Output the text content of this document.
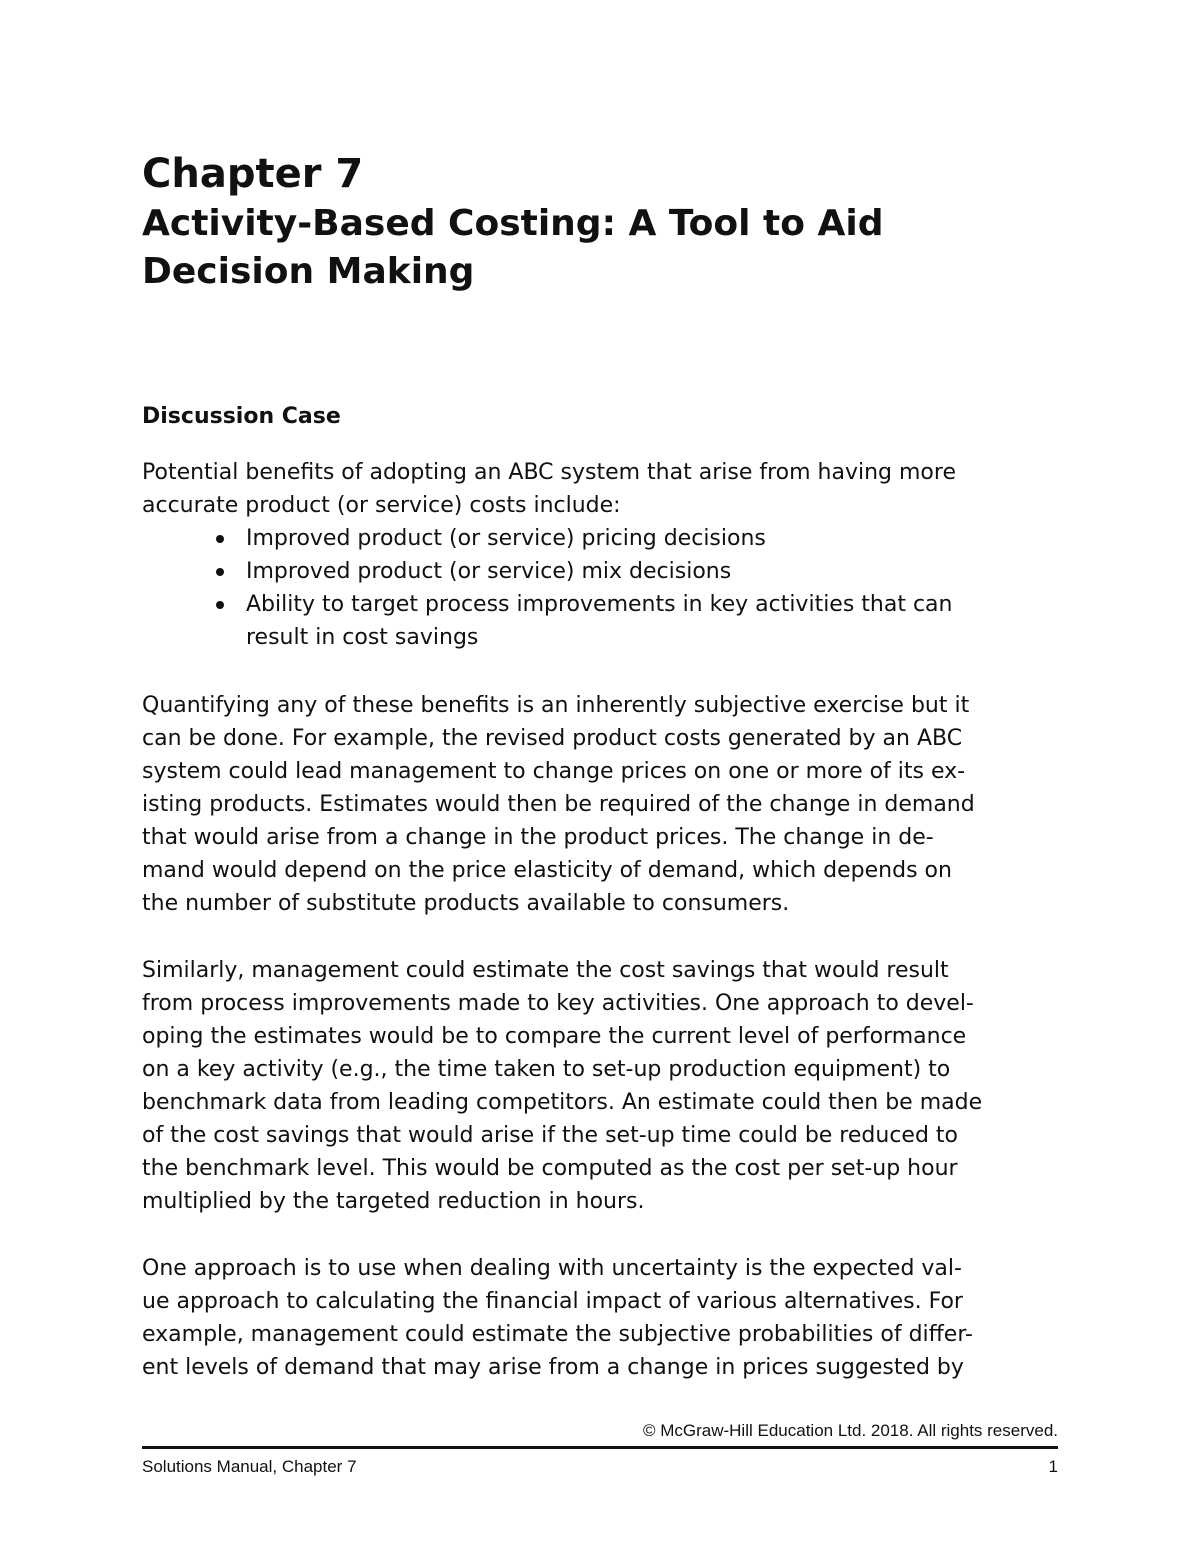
Chapter 7
Activity-Based Costing: A Tool to Aid
Decision Making
Discussion Case

Potential benefits of adopting an ABC system that arise from having more
accurate product (or service) costs include:

Improved product (or service) pricing decisions
Improved product (or service) mix decisions
Ability to target process improvements in key activities that can
result in cost savings

Quantifying any of these benefits is an inherently subjective exercise but it
can be done. For example, the revised product costs generated by an ABC
system could lead management to change prices on one or more of its ex-
isting products. Estimates would then be required of the change in demand
that would arise from a change in the product prices. The change in de-
mand would depend on the price elasticity of demand, which depends on
the number of substitute products available to consumers.

Similarly, management could estimate the cost savings that would result
from process improvements made to key activities. One approach to devel-
oping the estimates would be to compare the current level of performance
on a key activity (e.g., the time taken to set-up production equipment) to
benchmark data from leading competitors. An estimate could then be made
of the cost savings that would arise if the set-up time could be reduced to
the benchmark level. This would be computed as the cost per set-up hour
multiplied by the targeted reduction in hours.

One approach is to use when dealing with uncertainty is the expected val-
ue approach to calculating the financial impact of various alternatives. For
example, management could estimate the subjective probabilities of differ-
ent levels of demand that may arise from a change in prices suggested by

© McGraw-Hill Education Ltd. 2018. All rights reserved.
Solutions Manual, Chapter 7	1
